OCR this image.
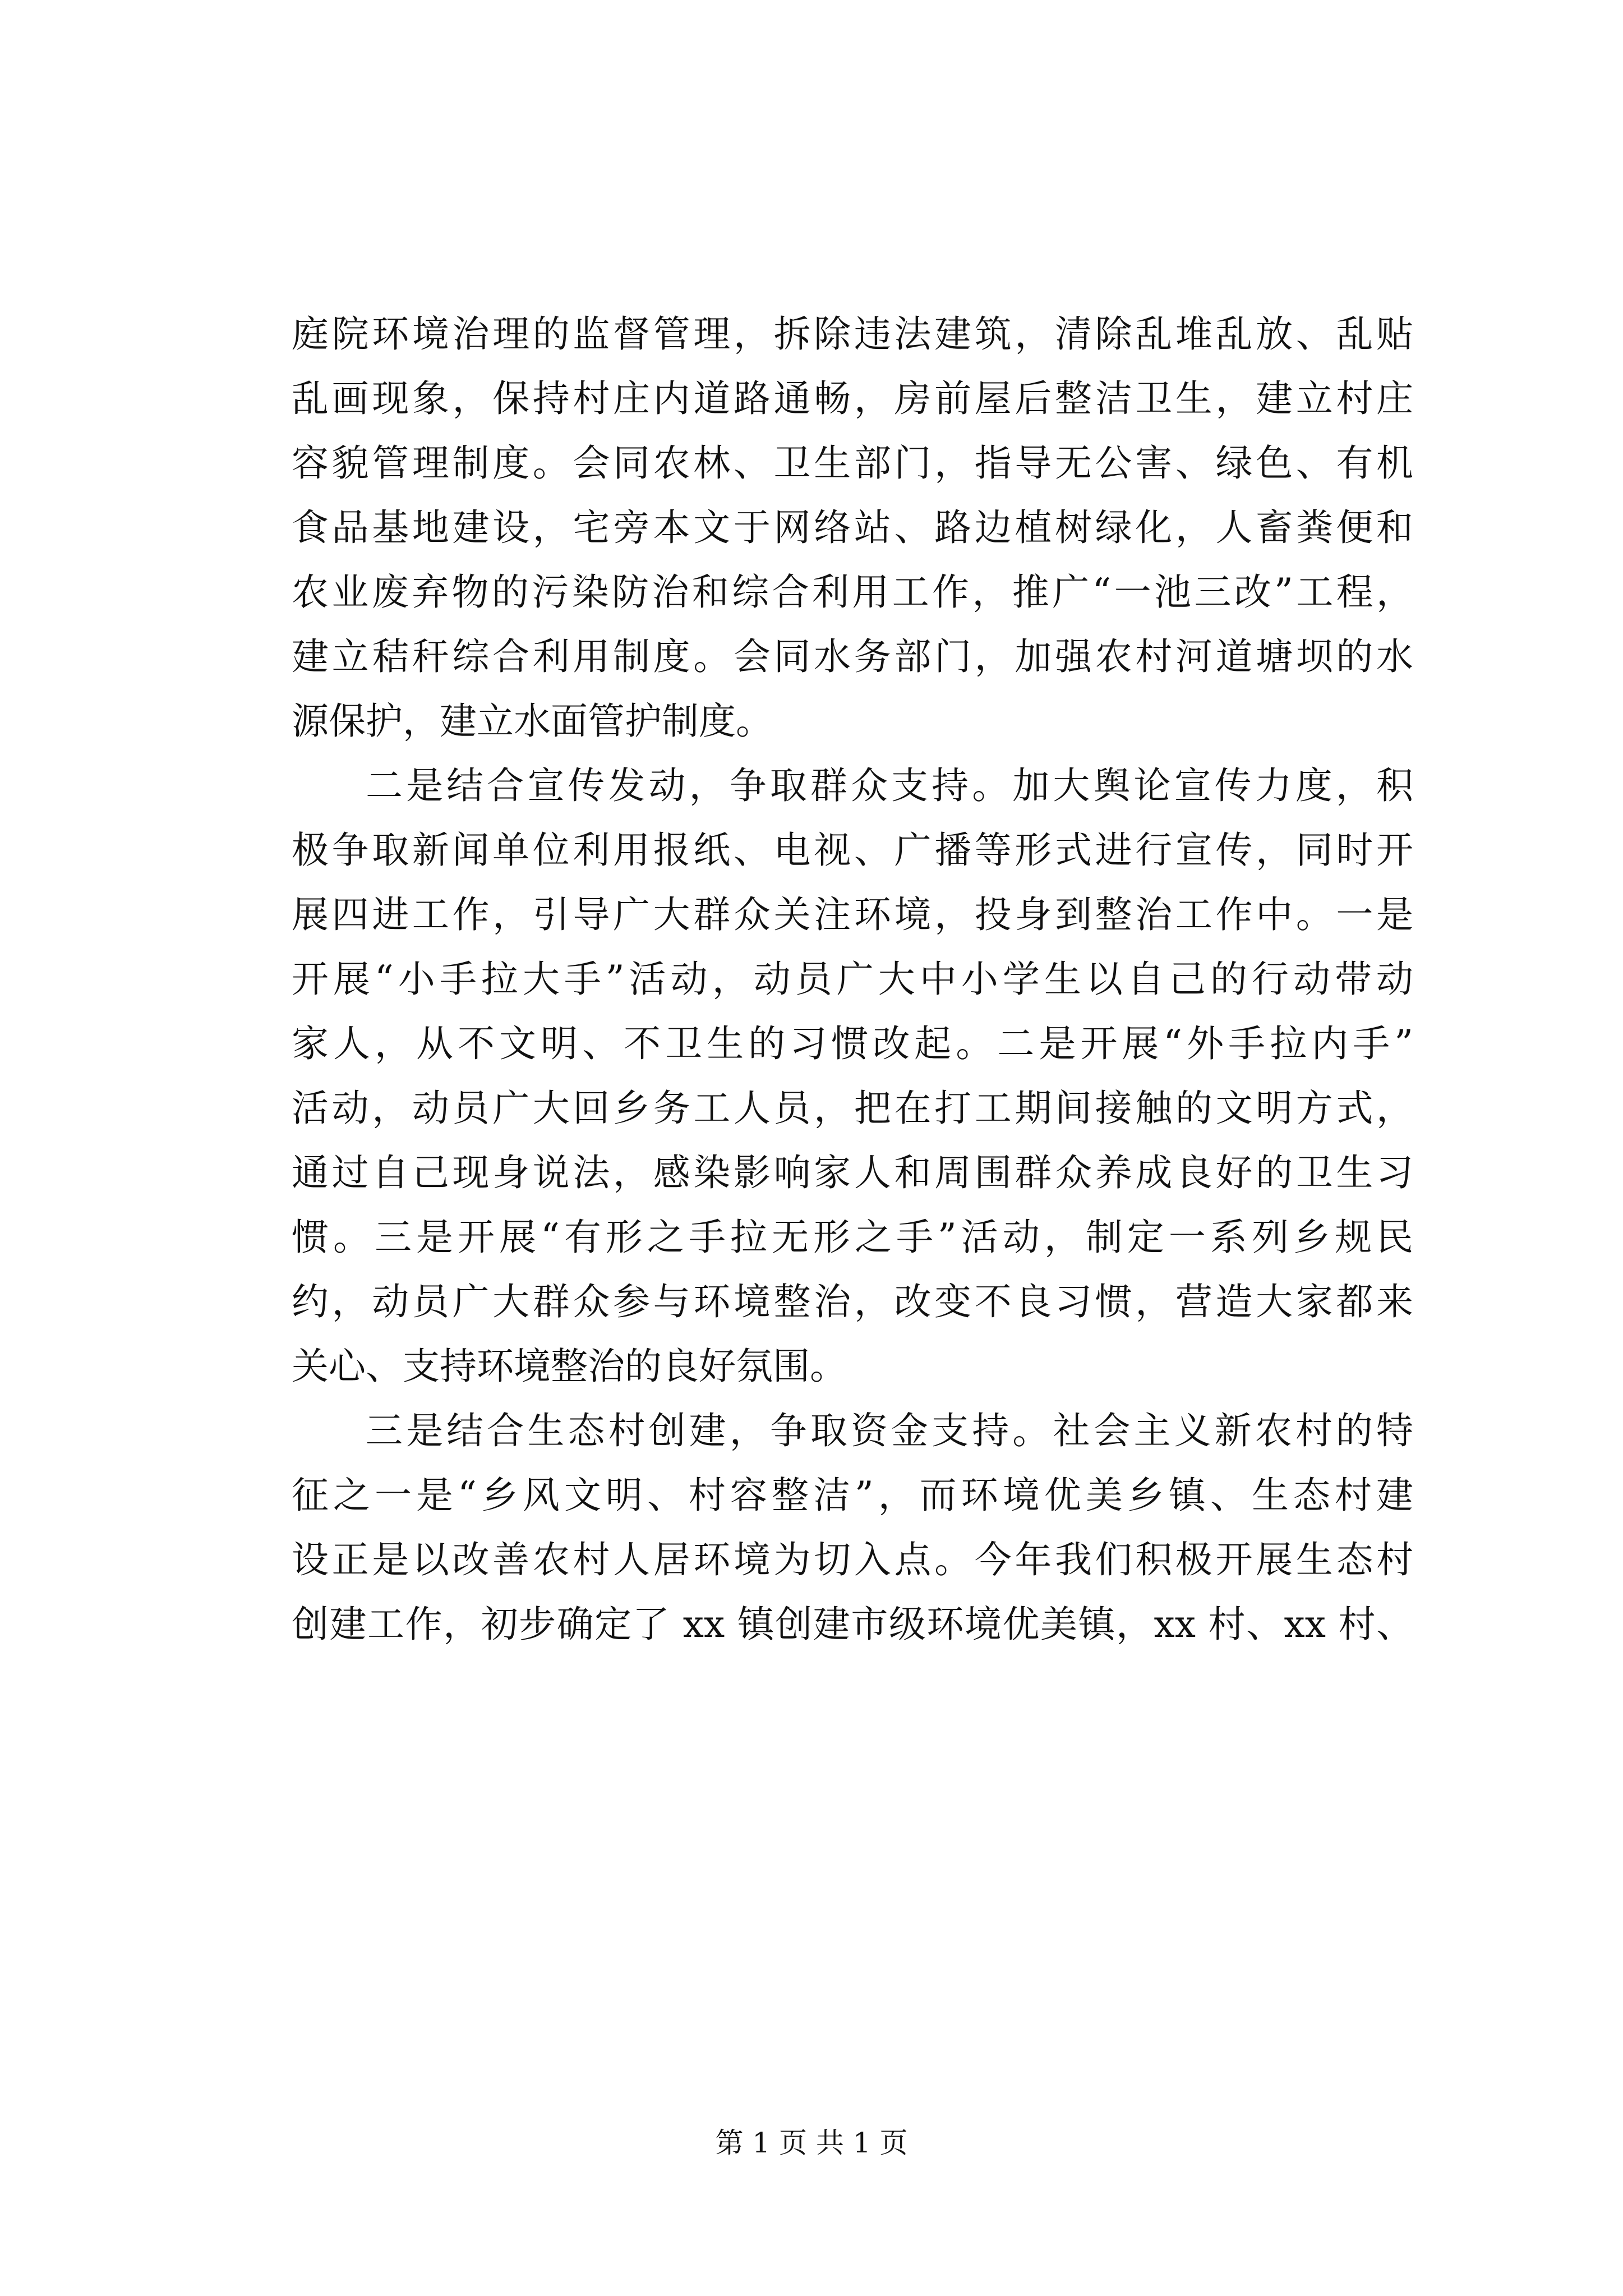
庭院环境治理的监督管理，拆除违法建筑，清除乱堆乱放、乱贴
乱画现象，保持村庄内道路通畅，房前屋后整洁卫生，建立村庄
容貌管理制度。会同农林、卫生部门，指导无公害、绿色、有机
食品基地建设，宅旁本文于网络站、路边植树绿化，人畜粪便和
农业废弃物的污染防治和综合利用工作，推广“一池三改”工程，
建立秸秆综合利用制度。会同水务部门，加强农村河道塘坝的水
源保护，建立水面管护制度。
二是结合宣传发动，争取群众支持。加大舆论宣传力度，积
极争取新闻单位利用报纸、电视、广播等形式进行宣传，同时开
展四进工作，引导广大群众关注环境，投身到整治工作中。一是
开展“小手拉大手”活动，动员广大中小学生以自己的行动带动
家人，从不文明、不卫生的习惯改起。二是开展“外手拉内手”
活动，动员广大回乡务工人员，把在打工期间接触的文明方式，
通过自己现身说法，感染影响家人和周围群众养成良好的卫生习
惯。三是开展“有形之手拉无形之手”活动，制定一系列乡规民
约，动员广大群众参与环境整治，改变不良习惯，营造大家都来
关心、支持环境整治的良好氛围。
三是结合生态村创建，争取资金支持。社会主义新农村的特
征之一是“乡风文明、村容整洁”，而环境优美乡镇、生态村建
设正是以改善农村人居环境为切入点。今年我们积极开展生态村
创建工作，初步确定了 xx 镇创建市级环境优美镇，xx 村、xx 村、
第 1 页 共 1 页
